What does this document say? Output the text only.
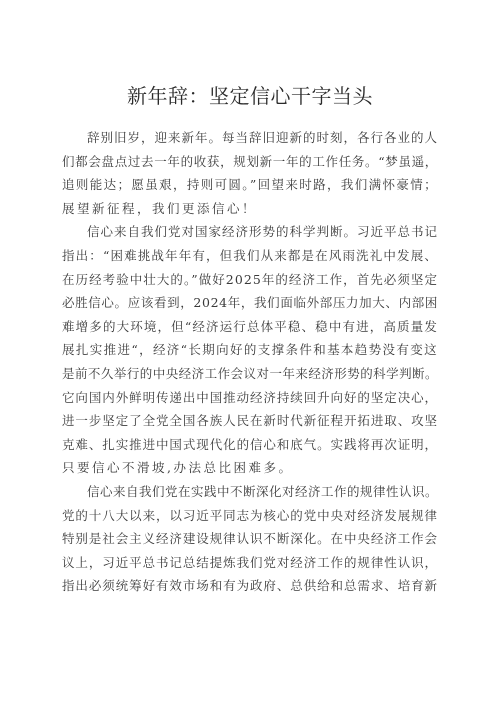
新年辞：坚定信心干字当头
辞别旧岁，迎来新年。每当辞旧迎新的时刻，各行各业的人
们都会盘点过去一年的收获，规划新一年的工作任务。“梦虽遥，
追则能达；愿虽艰，持则可圆。”回望来时路，我们满怀豪情；
展望新征程，我们更添信心！
信心来自我们党对国家经济形势的科学判断。习近平总书记
指出：“困难挑战年年有，但我们从来都是在风雨洗礼中发展、
在历经考验中壮大的。”做好2025年的经济工作，首先必须坚定
必胜信心。应该看到，2024年，我们面临外部压力加大、内部困
难增多的大环境，但“经济运行总体平稳、稳中有进，高质量发
展扎实推进“，经济“长期向好的支撑条件和基本趋势没有变这
是前不久举行的中央经济工作会议对一年来经济形势的科学判断。
它向国内外鲜明传递出中国推动经济持续回升向好的坚定决心，
进一步坚定了全党全国各族人民在新时代新征程开拓进取、攻坚
克难、扎实推进中国式现代化的信心和底气。实践将再次证明，
只要信心不滑坡,办法总比困难多。
信心来自我们党在实践中不断深化对经济工作的规律性认识。
党的十八大以来，以习近平同志为核心的党中央对经济发展规律
特别是社会主义经济建设规律认识不断深化。在中央经济工作会
议上，习近平总书记总结提炼我们党对经济工作的规律性认识，
指出必须统筹好有效市场和有为政府、总供给和总需求、培育新
